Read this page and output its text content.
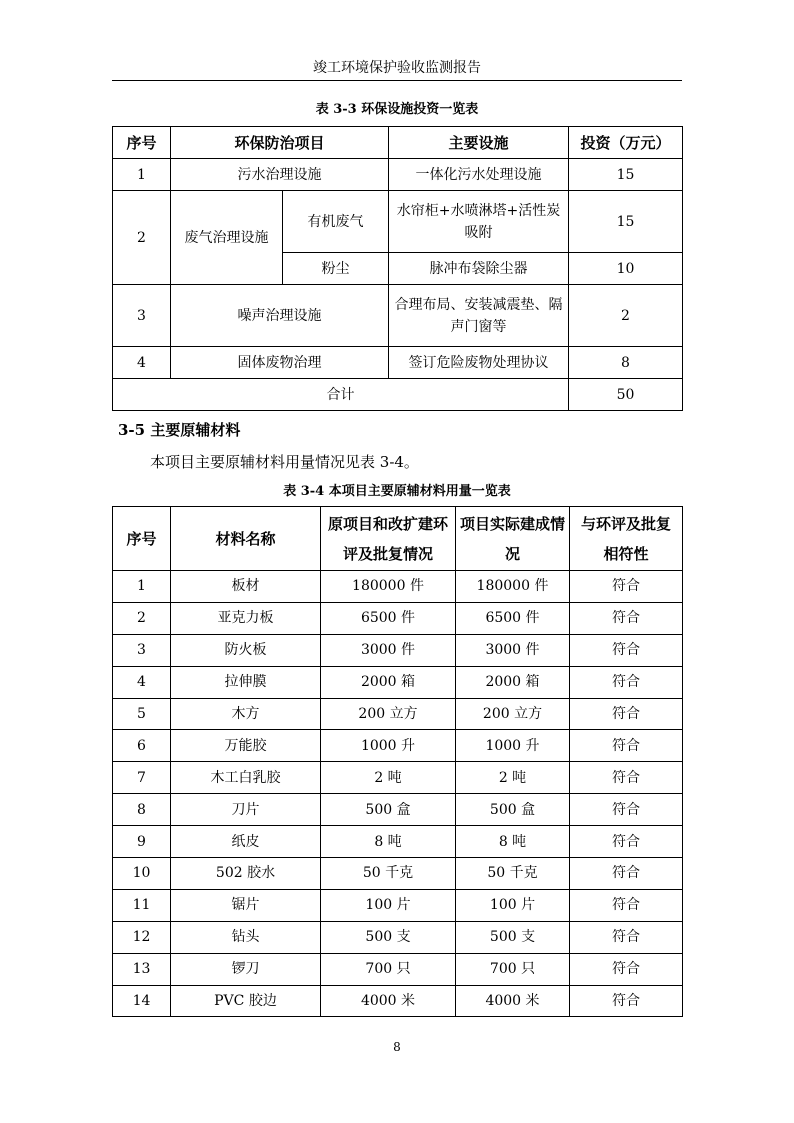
竣工环境保护验收监测报告
表 3-3 环保设施投资一览表
序号	环保防治项目		主要设施	投资（万元）
1	污水治理设施		一体化污水处理设施	15
2	废气治理设施	有机废气	水帘柜+水喷淋塔+活性炭吸附	15
		粉尘	脉冲布袋除尘器	10
3	噪声治理设施		合理布局、安装减震垫、隔声门窗等	2
4	固体废物治理		签订危险废物处理协议	8
合计				50
3-5 主要原辅材料
本项目主要原辅材料用量情况见表 3-4。
表 3-4 本项目主要原辅材料用量一览表
序号	材料名称	原项目和改扩建环评及批复情况	项目实际建成情况	与环评及批复相符性
1	板材	180000 件	180000 件	符合
2	亚克力板	6500 件	6500 件	符合
3	防火板	3000 件	3000 件	符合
4	拉伸膜	2000 箱	2000 箱	符合
5	木方	200 立方	200 立方	符合
6	万能胶	1000 升	1000 升	符合
7	木工白乳胶	2 吨	2 吨	符合
8	刀片	500 盒	500 盒	符合
9	纸皮	8 吨	8 吨	符合
10	502 胶水	50 千克	50 千克	符合
11	锯片	100 片	100 片	符合
12	钻头	500 支	500 支	符合
13	锣刀	700 只	700 只	符合
14	PVC 胶边	4000 米	4000 米	符合
8
